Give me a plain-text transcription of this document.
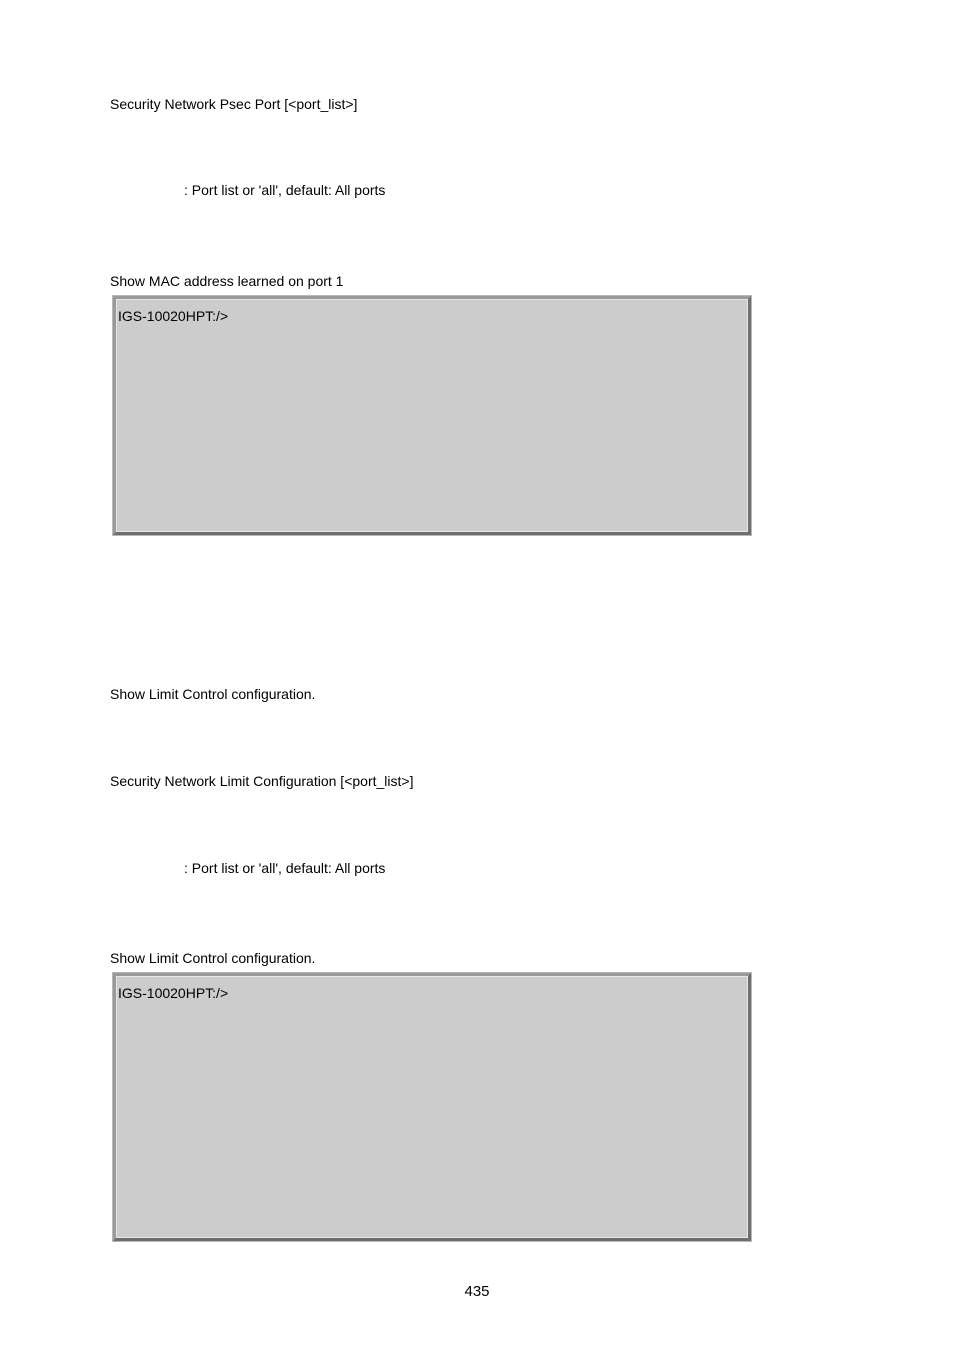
Security Network Psec Port [<port_list>]
: Port list or 'all', default: All ports
Show MAC address learned on port 1
IGS-10020HPT:/>
Show Limit Control configuration.
Security Network Limit Configuration [<port_list>]
: Port list or 'all', default: All ports
Show Limit Control configuration.
IGS-10020HPT:/>
435
